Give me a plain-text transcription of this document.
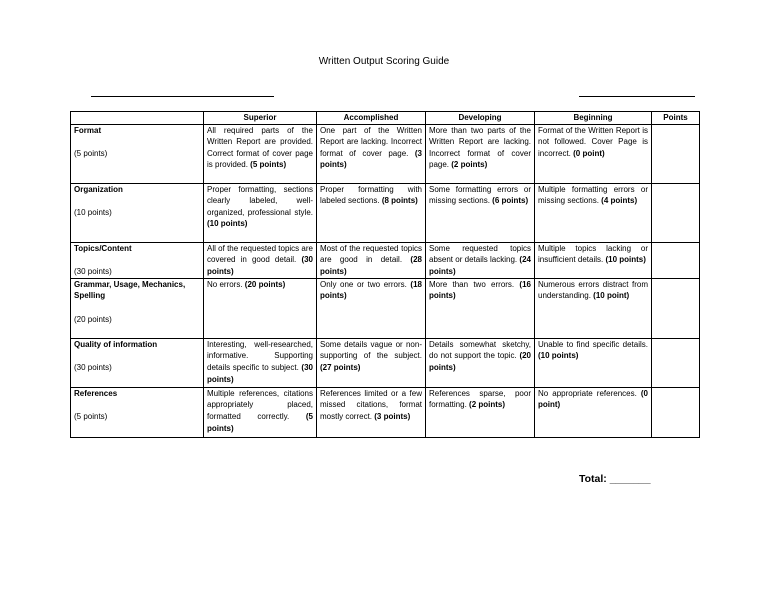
Written Output Scoring Guide
	Superior	Accomplished	Developing	Beginning	Points

Format
(5 points)	All required parts of the Written Report are provided. Correct format of cover page is provided. (5 points)	One part of the Written Report are lacking. Incorrect format of cover page. (3 points)	More than two parts of the Written Report are lacking. Incorrect format of cover page. (2 points)	Format of the Written Report is not followed. Cover Page is incorrect. (0 point)	

Organization
(10 points)	Proper formatting, sections clearly labeled, well-organized, professional style. (10 points)	Proper formatting with labeled sections. (8 points)	Some formatting errors or missing sections. (6 points)	Multiple formatting errors or missing sections. (4 points)	

Topics/Content
(30 points)	All of the requested topics are covered in good detail. (30 points)	Most of the requested topics are good in detail. (28 points)	Some requested topics absent or details lacking. (24 points)	Multiple topics lacking or insufficient details. (10 points)	

Grammar, Usage, Mechanics, Spelling
(20 points)	No errors. (20 points)	Only one or two errors. (18 points)	More than two errors. (16 points)	Numerous errors distract from understanding. (10 point)	

Quality of information
(30 points)	Interesting, well-researched, informative. Supporting details specific to subject. (30 points)	Some details vague or non-supporting of the subject. (27 points)	Details somewhat sketchy, do not support the topic. (20 points)	Unable to find specific details. (10 points)	

References
(5 points)	Multiple references, citations appropriately placed, formatted correctly. (5 points)	References limited or a few missed citations, format mostly correct. (3 points)	References sparse, poor formatting. (2 points)	No appropriate references. (0 point)	
Total: _______
